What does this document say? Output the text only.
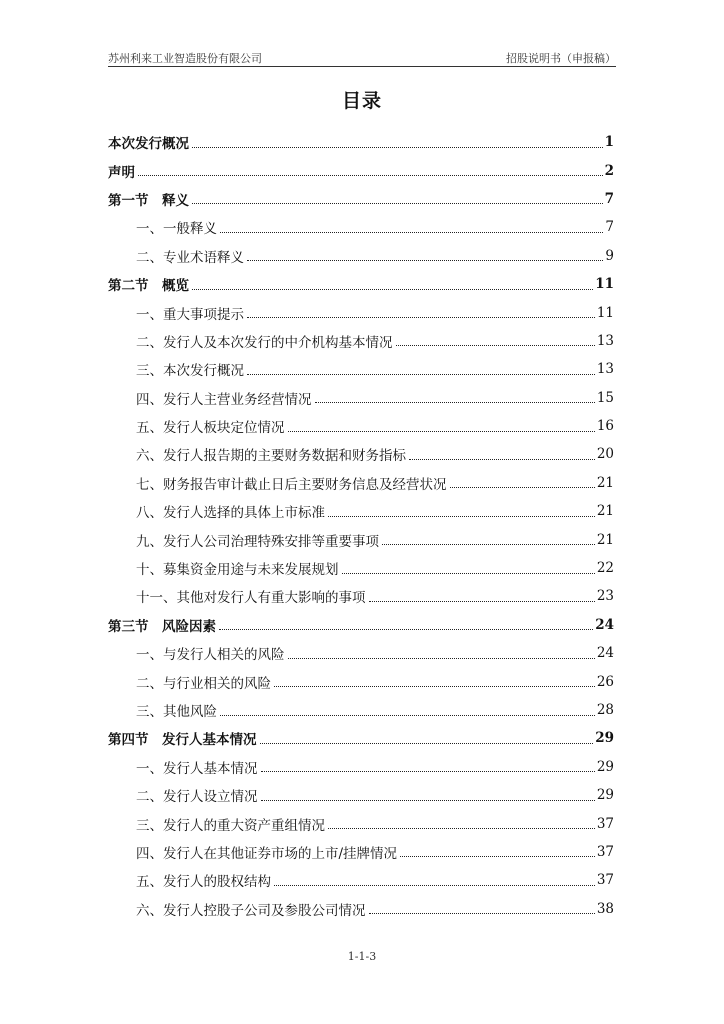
苏州利来工业智造股份有限公司	招股说明书（申报稿）
目录
本次发行概况	1
声明	2
第一节　释义	7
一、一般释义	7
二、专业术语释义	9
第二节　概览	11
一、重大事项提示	11
二、发行人及本次发行的中介机构基本情况	13
三、本次发行概况	13
四、发行人主营业务经营情况	15
五、发行人板块定位情况	16
六、发行人报告期的主要财务数据和财务指标	20
七、财务报告审计截止日后主要财务信息及经营状况	21
八、发行人选择的具体上市标准	21
九、发行人公司治理特殊安排等重要事项	21
十、募集资金用途与未来发展规划	22
十一、其他对发行人有重大影响的事项	23
第三节　风险因素	24
一、与发行人相关的风险	24
二、与行业相关的风险	26
三、其他风险	28
第四节　发行人基本情况	29
一、发行人基本情况	29
二、发行人设立情况	29
三、发行人的重大资产重组情况	37
四、发行人在其他证券市场的上市/挂牌情况	37
五、发行人的股权结构	37
六、发行人控股子公司及参股公司情况	38
1-1-3
